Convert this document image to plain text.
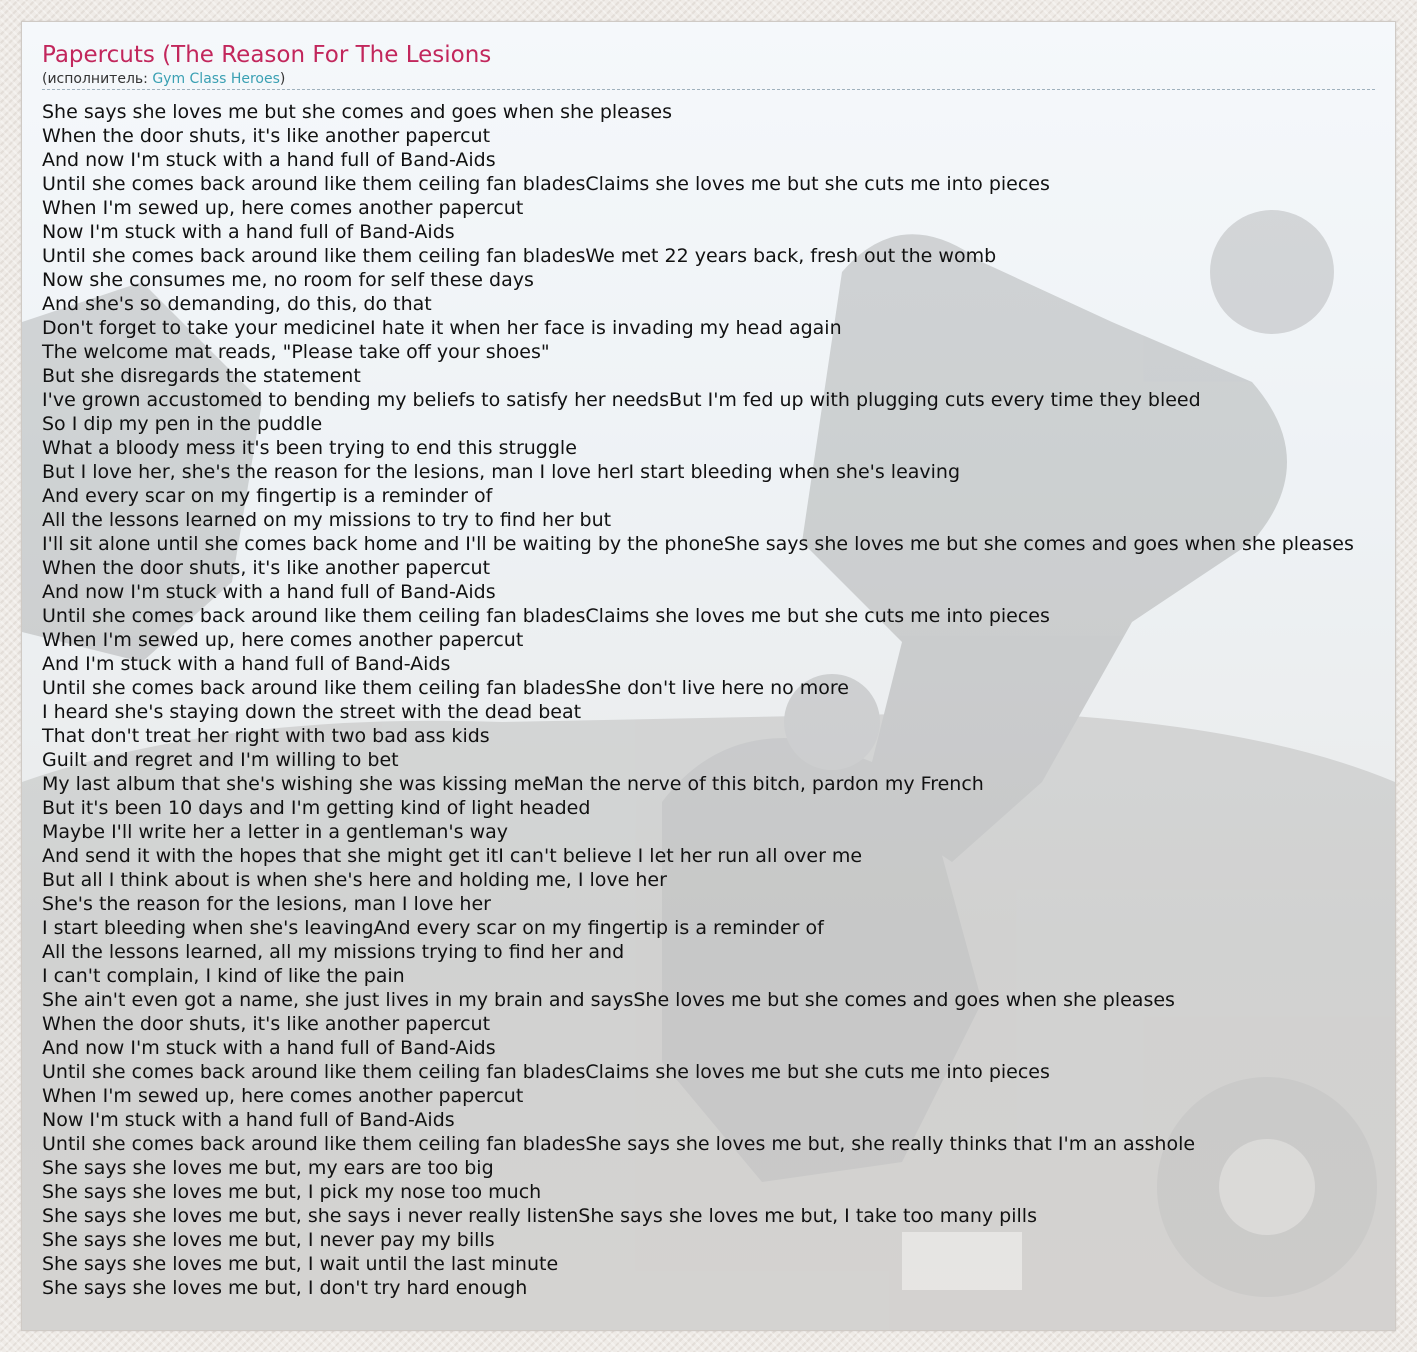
Papercuts (The Reason For The Lesions
(исполнитель: Gym Class Heroes)
She says she loves me but she comes and goes when she pleases
When the door shuts, it's like another papercut
And now I'm stuck with a hand full of Band-Aids
Until she comes back around like them ceiling fan bladesClaims she loves me but she cuts me into pieces
When I'm sewed up, here comes another papercut
Now I'm stuck with a hand full of Band-Aids
Until she comes back around like them ceiling fan bladesWe met 22 years back, fresh out the womb
Now she consumes me, no room for self these days
And she's so demanding, do this, do that
Don't forget to take your medicineI hate it when her face is invading my head again
The welcome mat reads, "Please take off your shoes"
But she disregards the statement
I've grown accustomed to bending my beliefs to satisfy her needsBut I'm fed up with plugging cuts every time they bleed
So I dip my pen in the puddle
What a bloody mess it's been trying to end this struggle
But I love her, she's the reason for the lesions, man I love herI start bleeding when she's leaving
And every scar on my fingertip is a reminder of
All the lessons learned on my missions to try to find her but
I'll sit alone until she comes back home and I'll be waiting by the phoneShe says she loves me but she comes and goes when she pleases
When the door shuts, it's like another papercut
And now I'm stuck with a hand full of Band-Aids
Until she comes back around like them ceiling fan bladesClaims she loves me but she cuts me into pieces
When I'm sewed up, here comes another papercut
And I'm stuck with a hand full of Band-Aids
Until she comes back around like them ceiling fan bladesShe don't live here no more
I heard she's staying down the street with the dead beat
That don't treat her right with two bad ass kids
Guilt and regret and I'm willing to bet
My last album that she's wishing she was kissing meMan the nerve of this bitch, pardon my French
But it's been 10 days and I'm getting kind of light headed
Maybe I'll write her a letter in a gentleman's way
And send it with the hopes that she might get itI can't believe I let her run all over me
But all I think about is when she's here and holding me, I love her
She's the reason for the lesions, man I love her
I start bleeding when she's leavingAnd every scar on my fingertip is a reminder of
All the lessons learned, all my missions trying to find her and
I can't complain, I kind of like the pain
She ain't even got a name, she just lives in my brain and saysShe loves me but she comes and goes when she pleases
When the door shuts, it's like another papercut
And now I'm stuck with a hand full of Band-Aids
Until she comes back around like them ceiling fan bladesClaims she loves me but she cuts me into pieces
When I'm sewed up, here comes another papercut
Now I'm stuck with a hand full of Band-Aids
Until she comes back around like them ceiling fan bladesShe says she loves me but, she really thinks that I'm an asshole
She says she loves me but, my ears are too big
She says she loves me but, I pick my nose too much
She says she loves me but, she says i never really listenShe says she loves me but, I take too many pills
She says she loves me but, I never pay my bills
She says she loves me but, I wait until the last minute
She says she loves me but, I don't try hard enough
